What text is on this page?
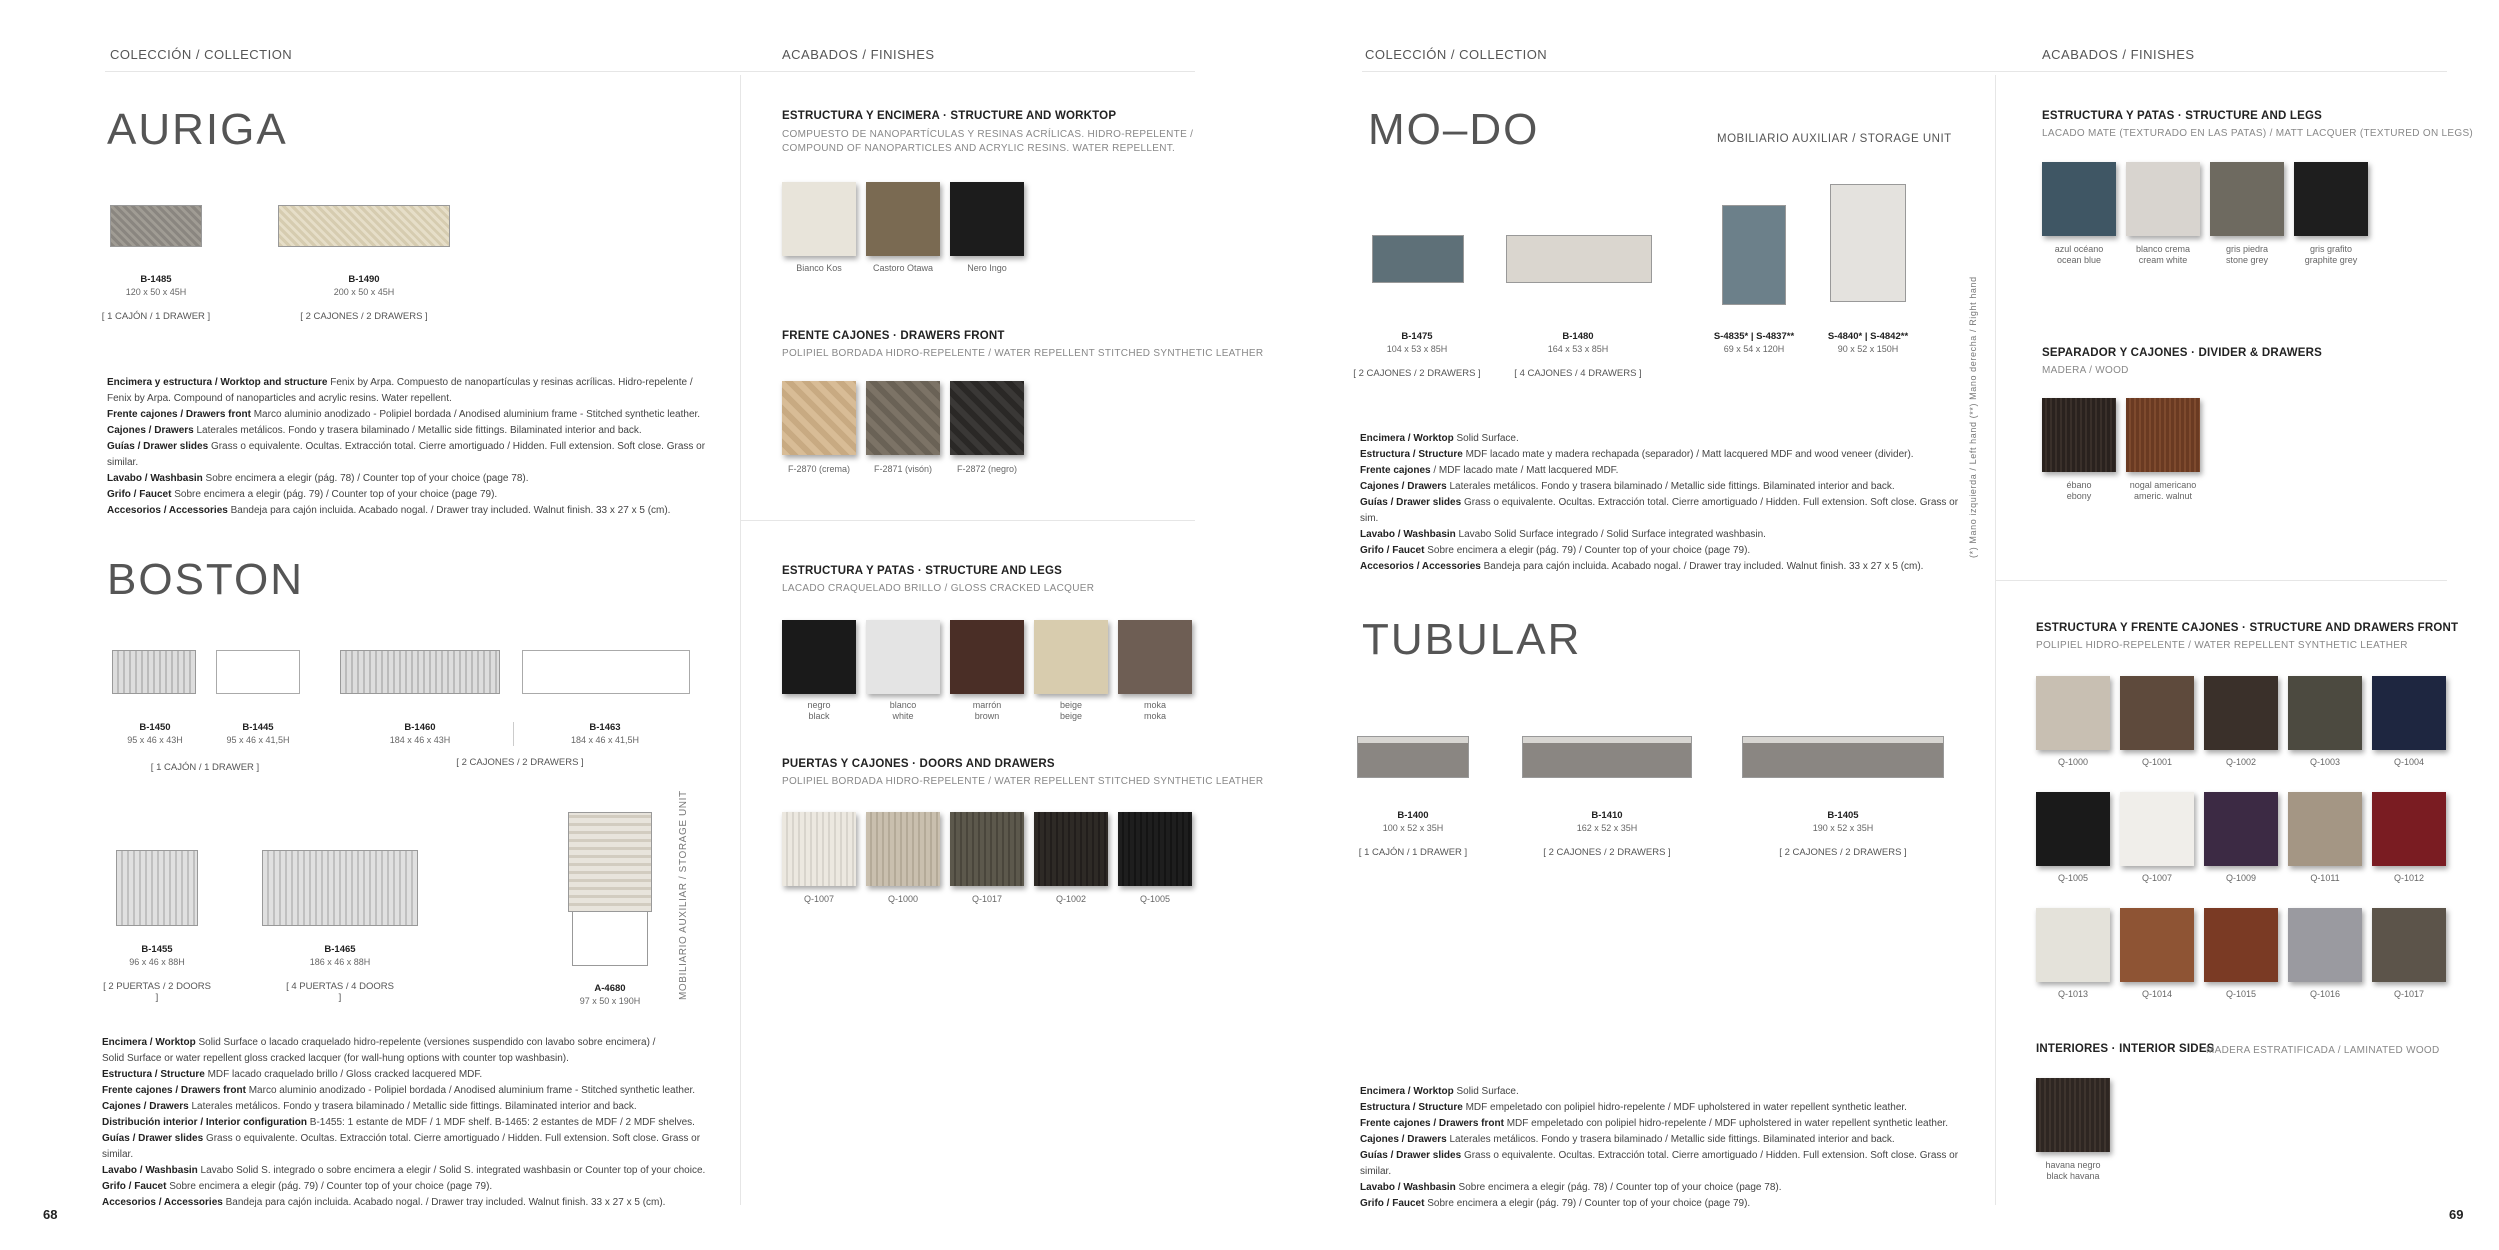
COLECCIÓN / COLLECTION	ACABADOS / FINISHES	COLECCIÓN / COLLECTION	ACABADOS / FINISHES
AURIGA
B-1485
120 x 50 x 45H
[ 1 CAJÓN / 1 DRAWER ]
B-1490
200 x 50 x 45H
[ 2 CAJONES / 2 DRAWERS ]
Encimera y estructura / Worktop and structure Fenix by Arpa. Compuesto de nanopartículas y resinas acrílicas. Hidro-repelente /
Fenix by Arpa. Compound of nanoparticles and acrylic resins. Water repellent.
Frente cajones / Drawers front Marco aluminio anodizado - Polipiel bordada / Anodised aluminium frame - Stitched synthetic leather.
Cajones / Drawers Laterales metálicos. Fondo y trasera bilaminado / Metallic side fittings. Bilaminated interior and back.
Guías / Drawer slides Grass o equivalente. Ocultas. Extracción total. Cierre amortiguado / Hidden. Full extension. Soft close. Grass or similar.
Lavabo / Washbasin Sobre encimera a elegir (pág. 78) / Counter top of your choice (page 78).
Grifo / Faucet Sobre encimera a elegir (pág. 79) / Counter top of your choice (page 79).
Accesorios / Accessories Bandeja para cajón incluida. Acabado nogal. / Drawer tray included. Walnut finish. 33 x 27 x 5 (cm).
ESTRUCTURA Y ENCIMERA · STRUCTURE AND WORKTOP
COMPUESTO DE NANOPARTÍCULAS Y RESINAS ACRÍLICAS. HIDRO-REPELENTE /
COMPOUND OF NANOPARTICLES AND ACRYLIC RESINS. WATER REPELLENT.
Bianco Kos	Castoro Otawa	Nero Ingo
FRENTE CAJONES · DRAWERS FRONT
POLIPIEL BORDADA HIDRO-REPELENTE / WATER REPELLENT STITCHED SYNTHETIC LEATHER
F-2870 (crema)	F-2871 (visón)	F-2872 (negro)
BOSTON
B-1450
95 x 46 x 43H
B-1445
95 x 46 x 41,5H
B-1460
184 x 46 x 43H
B-1463
184 x 46 x 41,5H
[ 1 CAJÓN / 1 DRAWER ]	[ 2 CAJONES / 2 DRAWERS ]
B-1455
96 x 46 x 88H
[ 2 PUERTAS / 2 DOORS ]
B-1465
186 x 46 x 88H
[ 4 PUERTAS / 4 DOORS ]
A-4680
97 x 50 x 190H
MOBILIARIO AUXILIAR / STORAGE UNIT
Encimera / Worktop Solid Surface o lacado craquelado hidro-repelente (versiones suspendido con lavabo sobre encimera) /
Solid Surface or water repellent gloss cracked lacquer (for wall-hung options with counter top washbasin).
Estructura / Structure MDF lacado craquelado brillo / Gloss cracked lacquered MDF.
Frente cajones / Drawers front Marco aluminio anodizado - Polipiel bordada / Anodised aluminium frame - Stitched synthetic leather.
Cajones / Drawers Laterales metálicos. Fondo y trasera bilaminado / Metallic side fittings. Bilaminated interior and back.
Distribución interior / Interior configuration B-1455: 1 estante de MDF / 1 MDF shelf. B-1465: 2 estantes de MDF / 2 MDF shelves.
Guías / Drawer slides Grass o equivalente. Ocultas. Extracción total. Cierre amortiguado / Hidden. Full extension. Soft close. Grass or similar.
Lavabo / Washbasin Lavabo Solid S. integrado o sobre encimera a elegir / Solid S. integrated washbasin or Counter top of your choice.
Grifo / Faucet Sobre encimera a elegir (pág. 79) / Counter top of your choice (page 79).
Accesorios / Accessories Bandeja para cajón incluida. Acabado nogal. / Drawer tray included. Walnut finish. 33 x 27 x 5 (cm).
ESTRUCTURA Y PATAS · STRUCTURE AND LEGS
LACADO CRAQUELADO BRILLO / GLOSS CRACKED LACQUER
negro
black
blanco
white
marrón
brown
beige
beige
moka
moka
PUERTAS Y CAJONES · DOORS AND DRAWERS
POLIPIEL BORDADA HIDRO-REPELENTE / WATER REPELLENT STITCHED SYNTHETIC LEATHER
Q-1007	Q-1000	Q-1017	Q-1002	Q-1005
MO–DO	MOBILIARIO AUXILIAR / STORAGE UNIT
B-1475
104 x 53 x 85H
B-1480
164 x 53 x 85H
S-4835* | S-4837**
69 x 54 x 120H
S-4840* | S-4842**
90 x 52 x 150H
[ 2 CAJONES / 2 DRAWERS ]	[ 4 CAJONES / 4 DRAWERS ]	(*) Mano izquierda / Left hand (**) Mano derecha / Right hand
Encimera / Worktop Solid Surface.
Estructura / Structure MDF lacado mate y madera rechapada (separador) / Matt lacquered MDF and wood veneer (divider).
Frente cajones / MDF lacado mate / Matt lacquered MDF.
Cajones / Drawers Laterales metálicos. Fondo y trasera bilaminado / Metallic side fittings. Bilaminated interior and back.
Guías / Drawer slides Grass o equivalente. Ocultas. Extracción total. Cierre amortiguado / Hidden. Full extension. Soft close. Grass or sim.
Lavabo / Washbasin Lavabo Solid Surface integrado / Solid Surface integrated washbasin.
Grifo / Faucet Sobre encimera a elegir (pág. 79) / Counter top of your choice (page 79).
Accesorios / Accessories Bandeja para cajón incluida. Acabado nogal. / Drawer tray included. Walnut finish. 33 x 27 x 5 (cm).
ESTRUCTURA Y PATAS · STRUCTURE AND LEGS
LACADO MATE (TEXTURADO EN LAS PATAS) / MATT LACQUER (TEXTURED ON LEGS)
azul océano
ocean blue
blanco crema
cream white
gris piedra
stone grey
gris grafito
graphite grey
SEPARADOR Y CAJONES · DIVIDER & DRAWERS
MADERA / WOOD
ébano
ebony
nogal americano
americ. walnut
TUBULAR
B-1400
100 x 52 x 35H
[ 1 CAJÓN / 1 DRAWER ]
B-1410
162 x 52 x 35H
[ 2 CAJONES / 2 DRAWERS ]
B-1405
190 x 52 x 35H
[ 2 CAJONES / 2 DRAWERS ]
Encimera / Worktop Solid Surface.
Estructura / Structure MDF empeletado con polipiel hidro-repelente / MDF upholstered in water repellent synthetic leather.
Frente cajones / Drawers front MDF empeletado con polipiel hidro-repelente / MDF upholstered in water repellent synthetic leather.
Cajones / Drawers Laterales metálicos. Fondo y trasera bilaminado / Metallic side fittings. Bilaminated interior and back.
Guías / Drawer slides Grass o equivalente. Ocultas. Extracción total. Cierre amortiguado / Hidden. Full extension. Soft close. Grass or similar.
Lavabo / Washbasin Sobre encimera a elegir (pág. 78) / Counter top of your choice (page 78).
Grifo / Faucet Sobre encimera a elegir (pág. 79) / Counter top of your choice (page 79).
ESTRUCTURA Y FRENTE CAJONES · STRUCTURE AND DRAWERS FRONT
POLIPIEL HIDRO-REPELENTE / WATER REPELLENT SYNTHETIC LEATHER
Q-1000	Q-1001	Q-1002	Q-1003	Q-1004
Q-1005	Q-1007	Q-1009	Q-1011	Q-1012
Q-1013	Q-1014	Q-1015	Q-1016	Q-1017
INTERIORES · INTERIOR SIDES
MADERA ESTRATIFICADA / LAMINATED WOOD
havana negro
black havana
68	69
